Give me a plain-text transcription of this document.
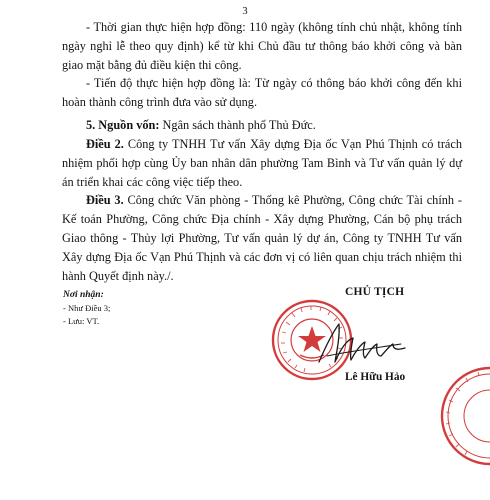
3

- Thời gian thực hiện hợp đồng: 110 ngày (không tính chủ nhật, không tính ngày nghỉ lễ theo quy định) kể từ khi Chủ đầu tư thông báo khởi công và bàn giao mặt bằng đủ điều kiện thi công.

- Tiến độ thực hiện hợp đồng là: Từ ngày có thông báo khởi công đến khi hoàn thành công trình đưa vào sử dụng.

5. Nguồn vốn: Ngân sách thành phố Thủ Đức.

Điều 2. Công ty TNHH Tư vấn Xây dựng Địa ốc Vạn Phú Thịnh có trách nhiệm phối hợp cùng Ủy ban nhân dân phường Tam Bình và Tư vấn quản lý dự án triển khai các công việc tiếp theo.

Điều 3. Công chức Văn phòng - Thống kê Phường, Công chức Tài chính - Kế toán Phường, Công chức Địa chính - Xây dựng Phường, Cán bộ phụ trách Giao thông - Thủy lợi Phường, Tư vấn quản lý dự án, Công ty TNHH Tư vấn Xây dựng Địa ốc Vạn Phú Thịnh và các đơn vị có liên quan chịu trách nhiệm thi hành Quyết định này./.

Nơi nhận:
- Như Điều 3;
- Lưu: VT.
CHỦ TỊCH
Lê Hữu Hảo
